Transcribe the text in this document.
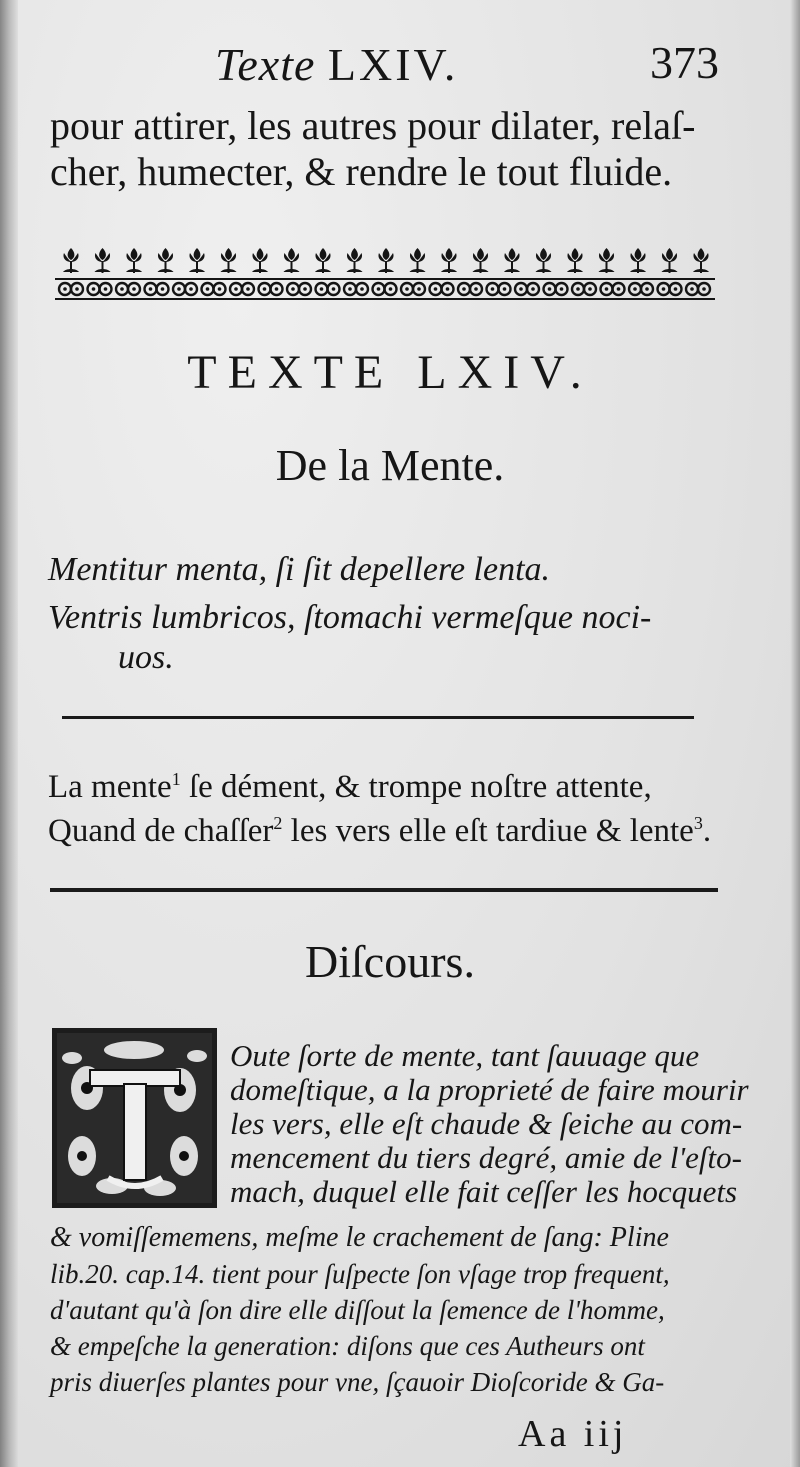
Texte LXIV.	373
pour attirer, les autres pour dilater, relaſ-
cher, humecter, & rendre le tout fluide.
TEXTE LXIV.
De la Mente.
Mentitur menta, ſi ſit depellere lenta.
Ventris lumbricos, ſtomachi vermeſque noci-
uos.
La mente$^1$ ſe dément, & trompe noſtre attente,
Quand de chaſſer$^2$ les vers elle eſt tardiue & lente$^3$.
Diſcours.
Oute ſorte de mente, tant ſauuage que
domeſtique, a la proprieté de faire mourir
les vers, elle eſt chaude & ſeiche au com-
mencement du tiers degré, amie de l'eſto-
mach, duquel elle fait ceſſer les hocquets
& vomiſſememens, meſme le crachement de ſang: Pline
lib.20. cap.14. tient pour ſuſpecte ſon vſage trop frequent,
d'autant qu'à ſon dire elle diſſout la ſemence de l'homme,
& empeſche la generation: diſons que ces Autheurs ont
pris diuerſes plantes pour vne, ſçauoir Dioſcoride & Ga-
Aa iij
